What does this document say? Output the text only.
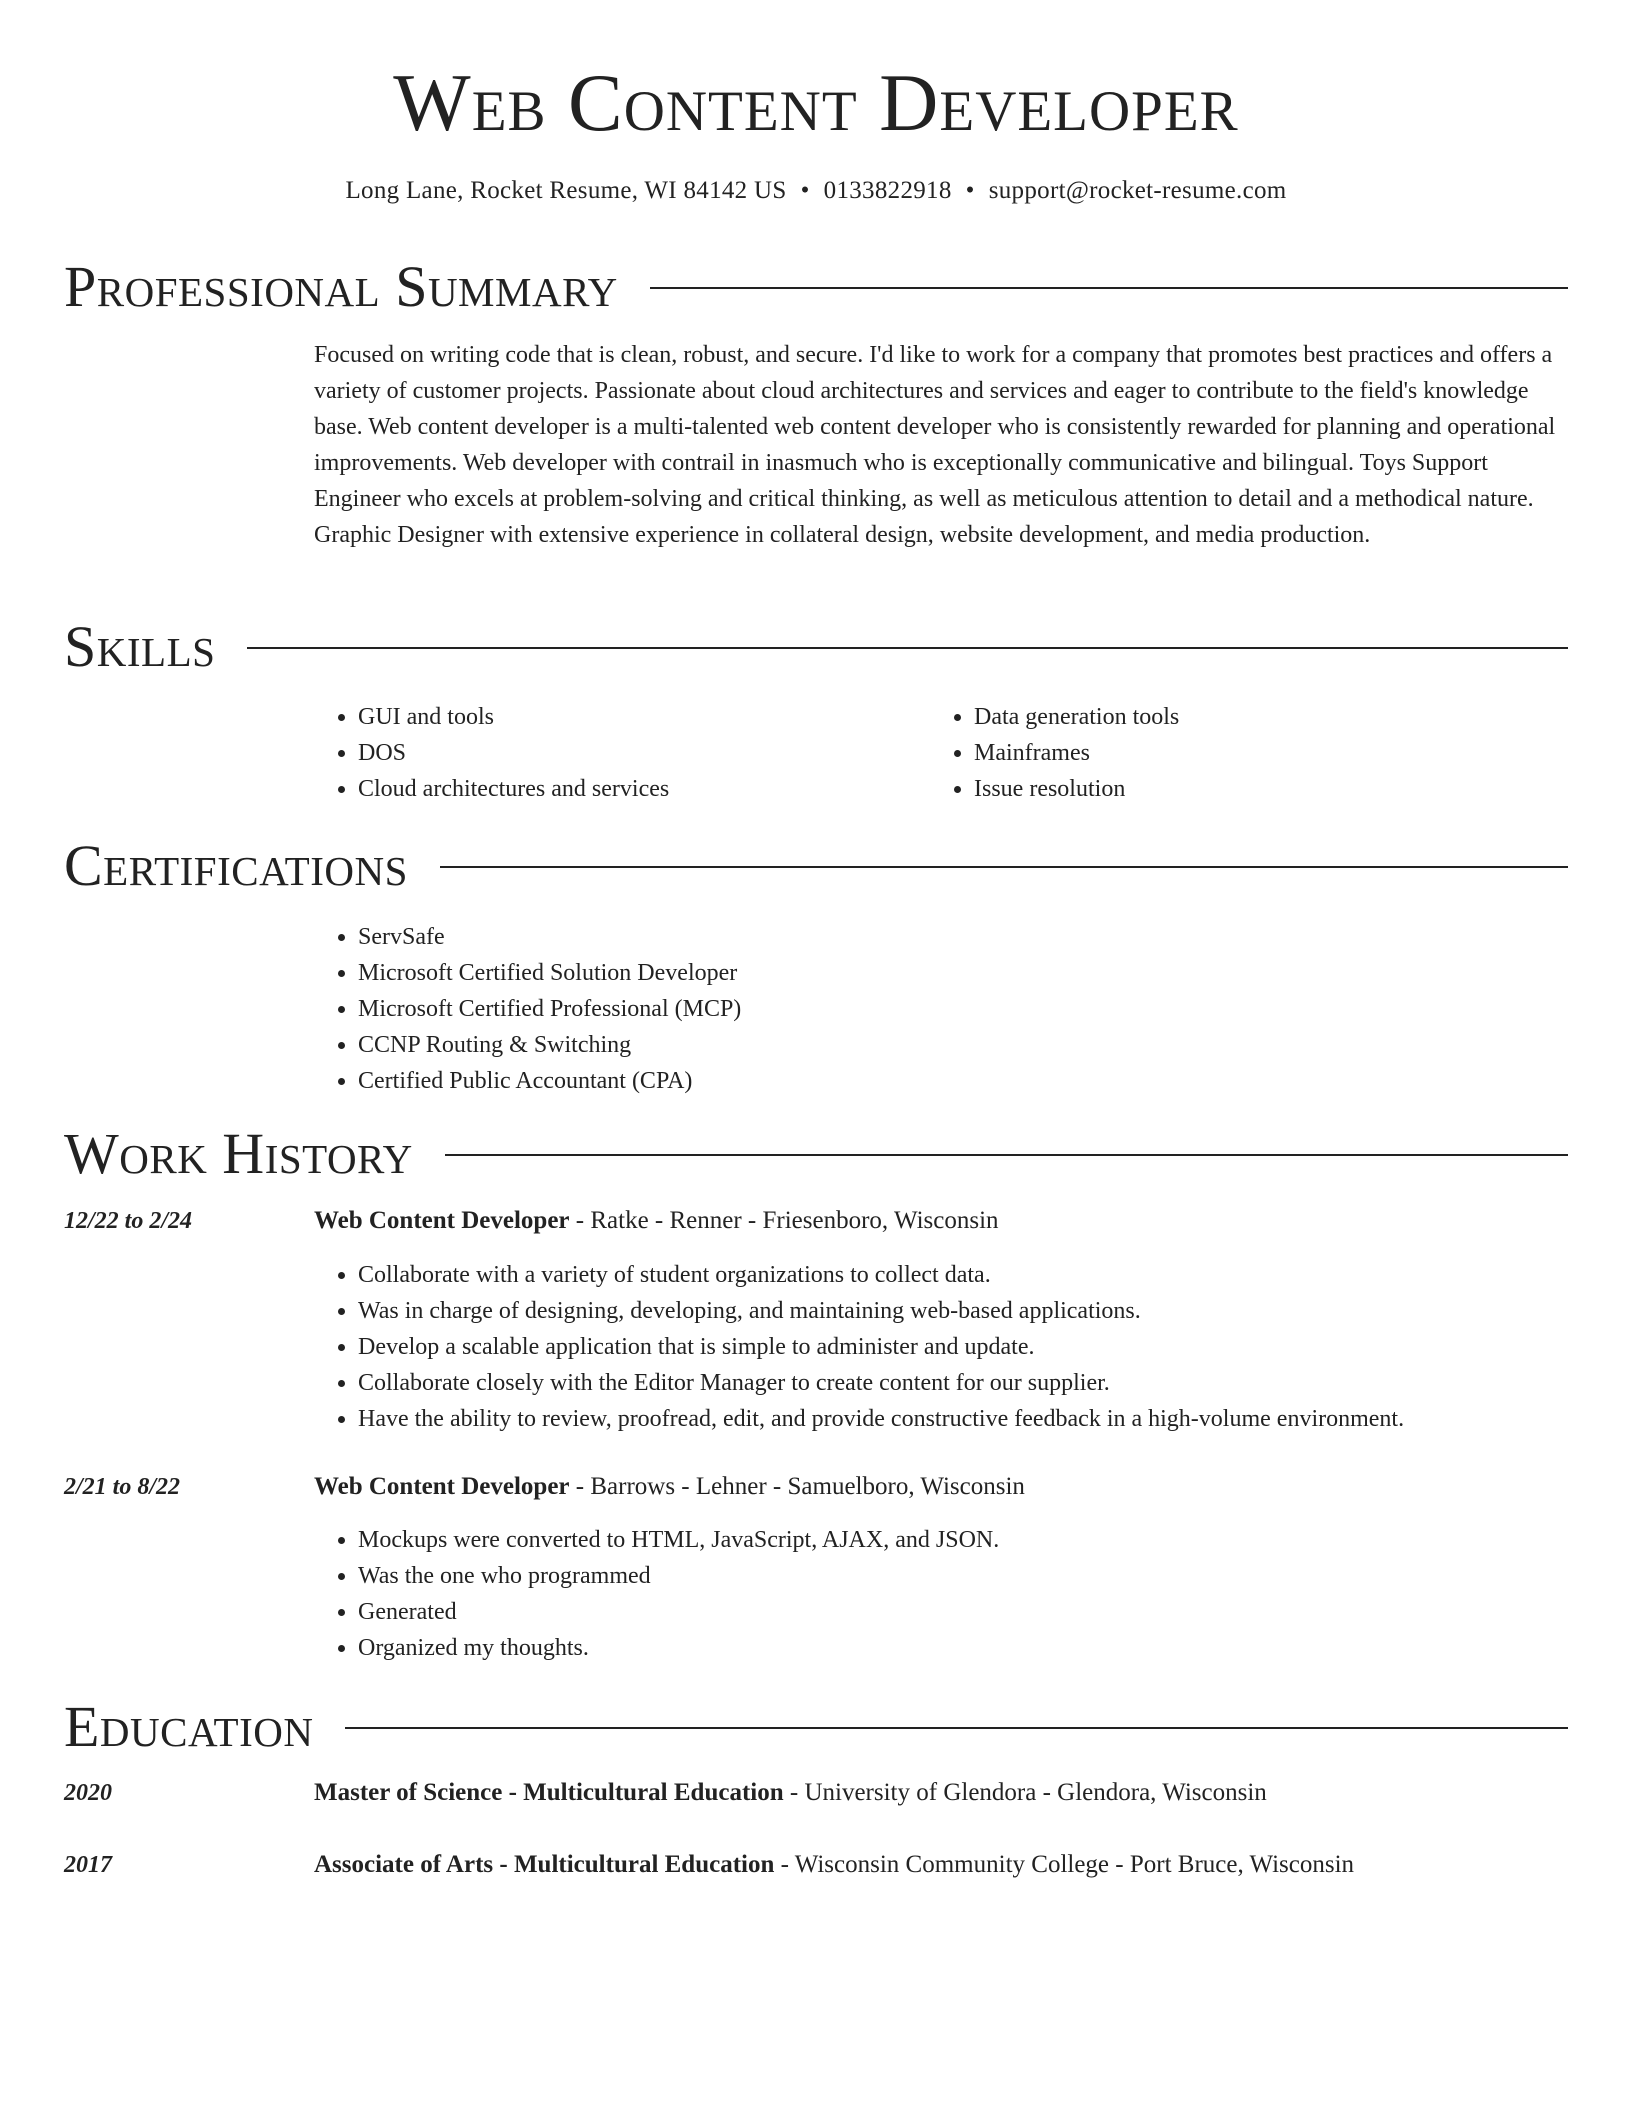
Web Content Developer
Long Lane, Rocket Resume, WI 84142 US • 0133822918 • support@rocket-resume.com
Professional Summary

Focused on writing code that is clean, robust, and secure. I'd like to work for a company that promotes best practices and offers a variety of customer projects. Passionate about cloud architectures and services and eager to contribute to the field's knowledge base. Web content developer is a multi-talented web content developer who is consistently rewarded for planning and operational improvements. Web developer with contrail in inasmuch who is exceptionally communicative and bilingual. Toys Support Engineer who excels at problem-solving and critical thinking, as well as meticulous attention to detail and a methodical nature. Graphic Designer with extensive experience in collateral design, website development, and media production.

Skills
• GUI and tools
• DOS
• Cloud architectures and services
• Data generation tools
• Mainframes
• Issue resolution
Certifications
• ServSafe
• Microsoft Certified Solution Developer
• Microsoft Certified Professional (MCP)
• CCNP Routing & Switching
• Certified Public Accountant (CPA)
Work History
12/22 to 2/24	Web Content Developer - Ratke - Renner - Friesenboro, Wisconsin
• Collaborate with a variety of student organizations to collect data.
• Was in charge of designing, developing, and maintaining web-based applications.
• Develop a scalable application that is simple to administer and update.
• Collaborate closely with the Editor Manager to create content for our supplier.
• Have the ability to review, proofread, edit, and provide constructive feedback in a high-volume environment.
2/21 to 8/22	Web Content Developer - Barrows - Lehner - Samuelboro, Wisconsin
• Mockups were converted to HTML, JavaScript, AJAX, and JSON.
• Was the one who programmed
• Generated
• Organized my thoughts.
Education
2020	Master of Science - Multicultural Education - University of Glendora - Glendora, Wisconsin
2017	Associate of Arts - Multicultural Education - Wisconsin Community College - Port Bruce, Wisconsin
